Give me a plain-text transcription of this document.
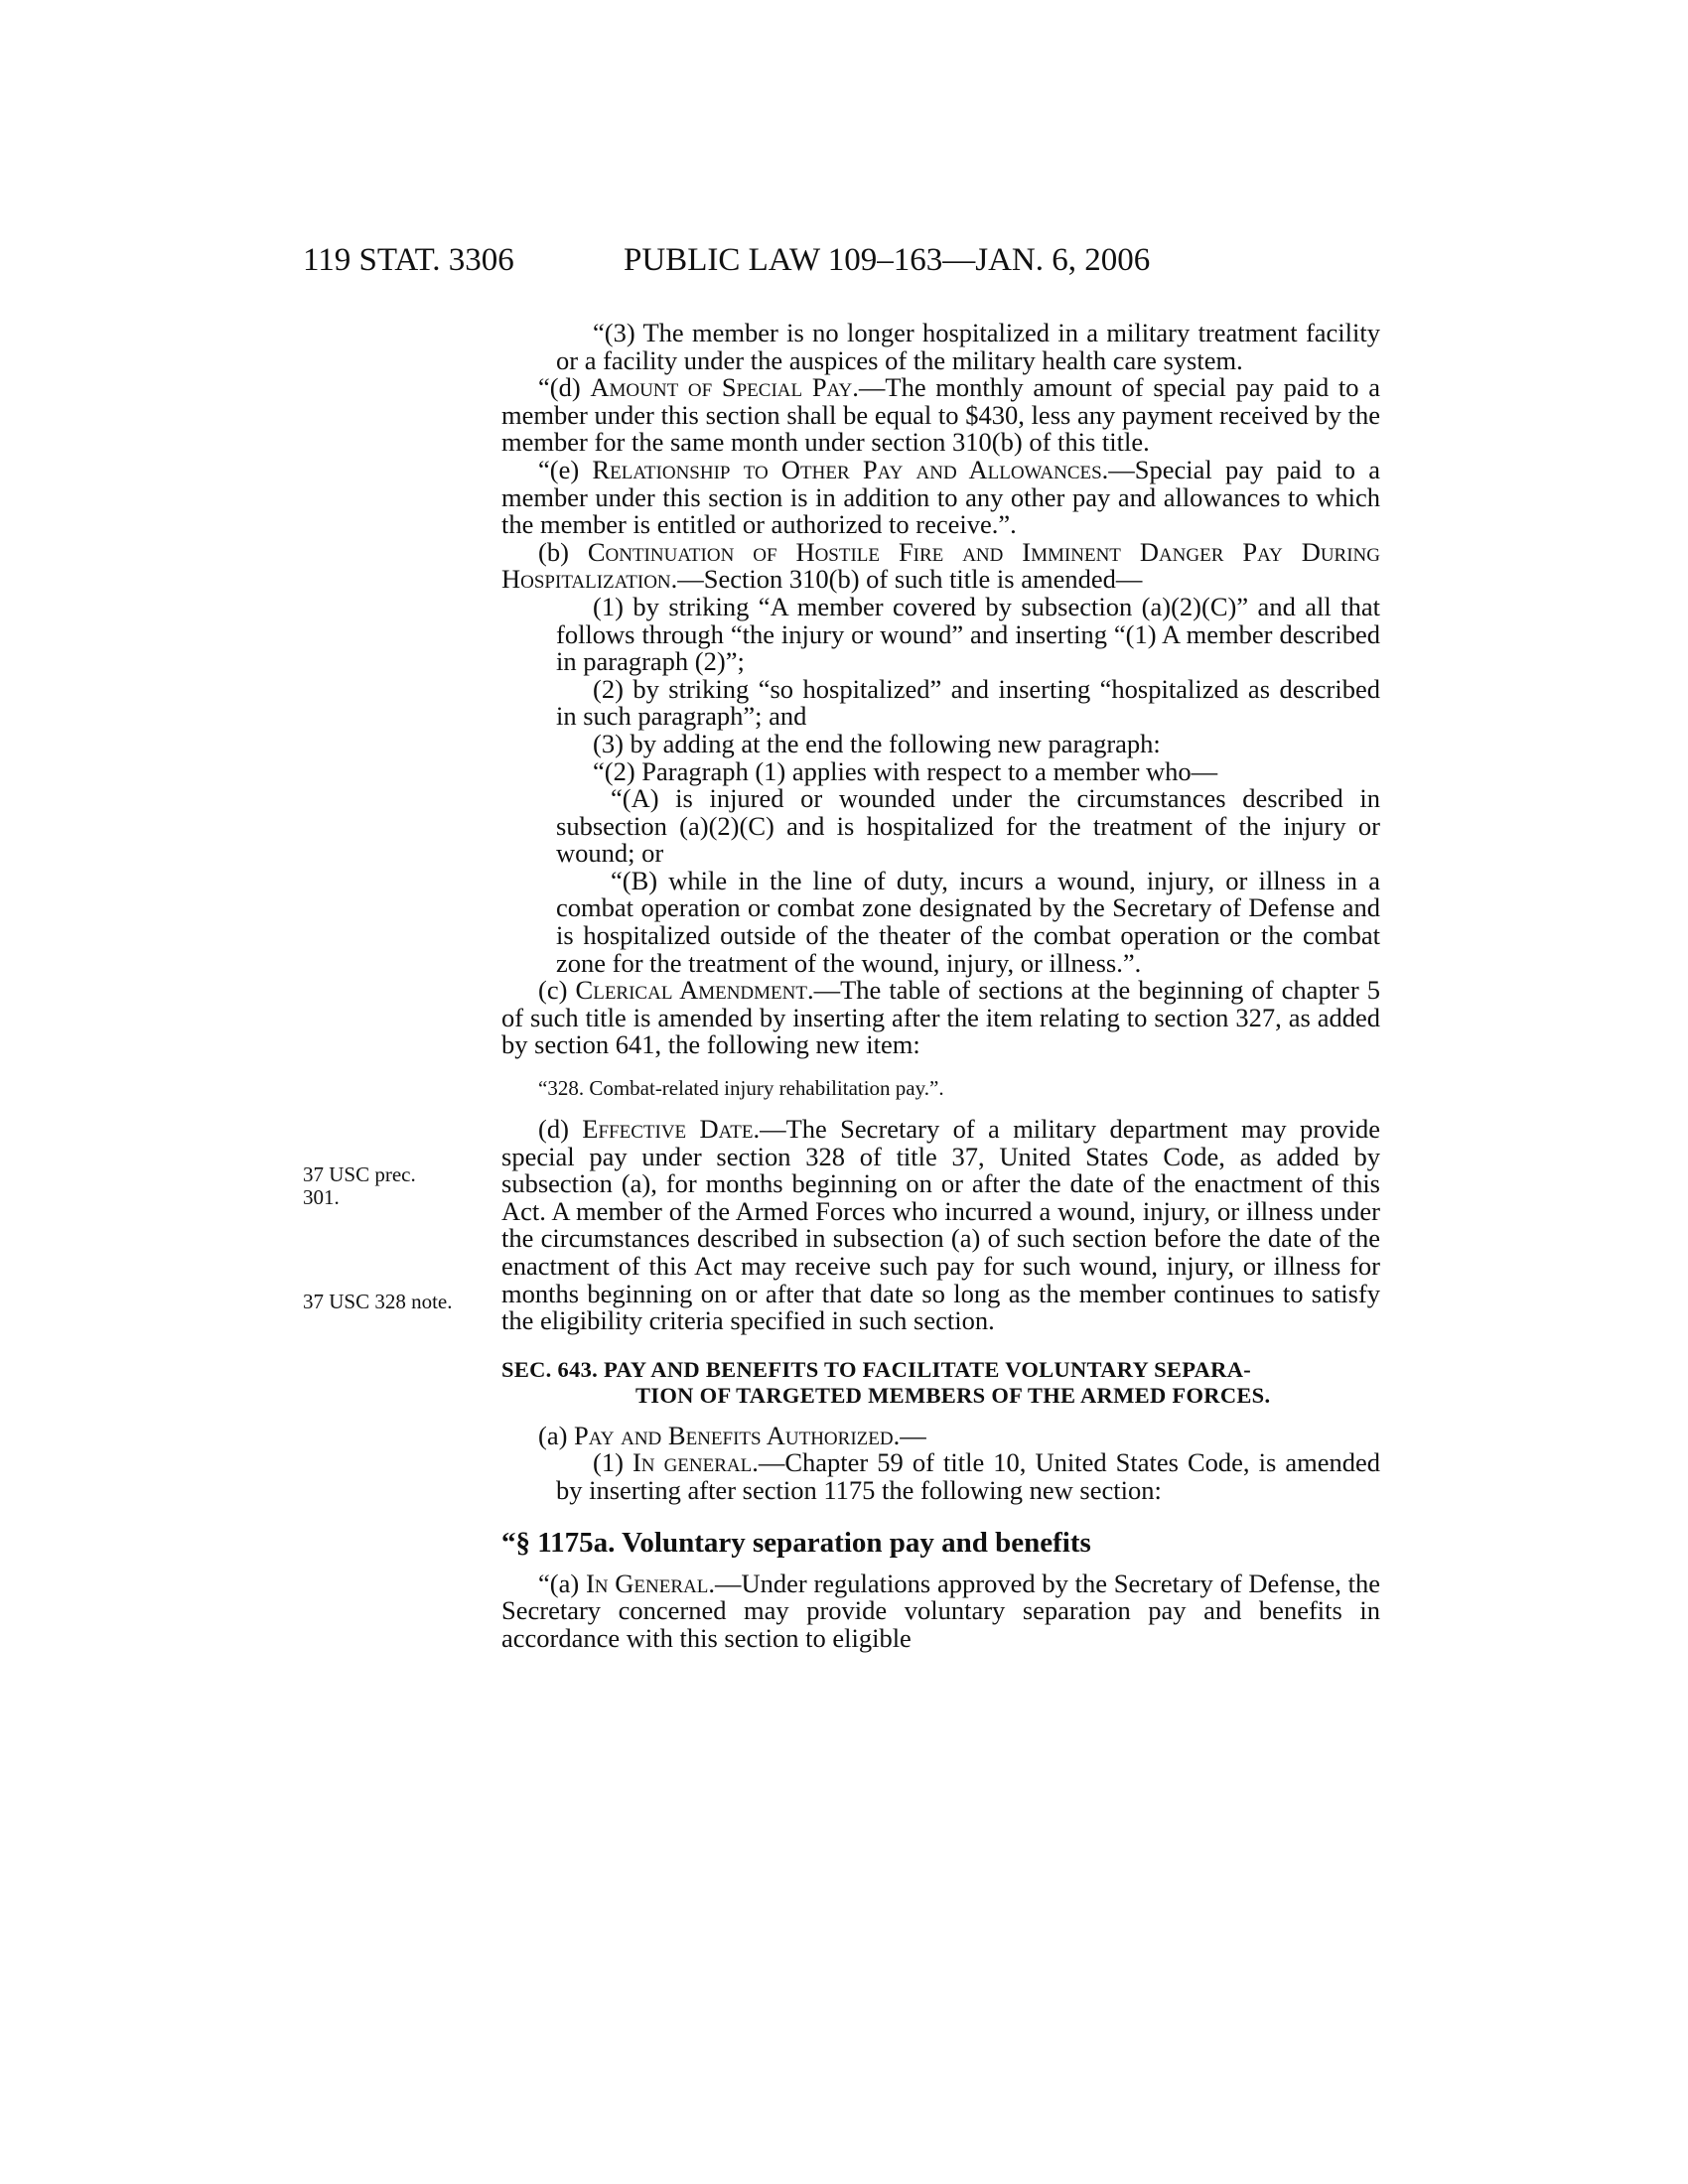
119 STAT. 3306	PUBLIC LAW 109–163—JAN. 6, 2006
37 USC prec.
301.
37 USC 328 note.

“(3) The member is no longer hospitalized in a military treatment facility or a facility under the auspices of the military health care system.

“(d) Amount of Special Pay.—The monthly amount of special pay paid to a member under this section shall be equal to $430, less any payment received by the member for the same month under section 310(b) of this title.

“(e) Relationship to Other Pay and Allowances.—Special pay paid to a member under this section is in addition to any other pay and allowances to which the member is entitled or authorized to receive.”.

(b) Continuation of Hostile Fire and Imminent Danger Pay During Hospitalization.—Section 310(b) of such title is amended—

(1) by striking “A member covered by subsection (a)(2)(C)” and all that follows through “the injury or wound” and inserting “(1) A member described in paragraph (2)”;

(2) by striking “so hospitalized” and inserting “hospitalized as described in such paragraph”; and

(3) by adding at the end the following new paragraph:

“(2) Paragraph (1) applies with respect to a member who—

“(A) is injured or wounded under the circumstances described in subsection (a)(2)(C) and is hospitalized for the treatment of the injury or wound; or

“(B) while in the line of duty, incurs a wound, injury, or illness in a combat operation or combat zone designated by the Secretary of Defense and is hospitalized outside of the theater of the combat operation or the combat zone for the treatment of the wound, injury, or illness.”.

(c) Clerical Amendment.—The table of sections at the beginning of chapter 5 of such title is amended by inserting after the item relating to section 327, as added by section 641, the following new item:

“328. Combat-related injury rehabilitation pay.”.

(d) Effective Date.—The Secretary of a military department may provide special pay under section 328 of title 37, United States Code, as added by subsection (a), for months beginning on or after the date of the enactment of this Act. A member of the Armed Forces who incurred a wound, injury, or illness under the circumstances described in subsection (a) of such section before the date of the enactment of this Act may receive such pay for such wound, injury, or illness for months beginning on or after that date so long as the member continues to satisfy the eligibility criteria specified in such section.

SEC. 643. PAY AND BENEFITS TO FACILITATE VOLUNTARY SEPARA-
TION OF TARGETED MEMBERS OF THE ARMED FORCES.

(a) Pay and Benefits Authorized.—

(1) In general.—Chapter 59 of title 10, United States Code, is amended by inserting after section 1175 the following new section:

“§ 1175a. Voluntary separation pay and benefits

“(a) In General.—Under regulations approved by the Secretary of Defense, the Secretary concerned may provide voluntary separation pay and benefits in accordance with this section to eligible
